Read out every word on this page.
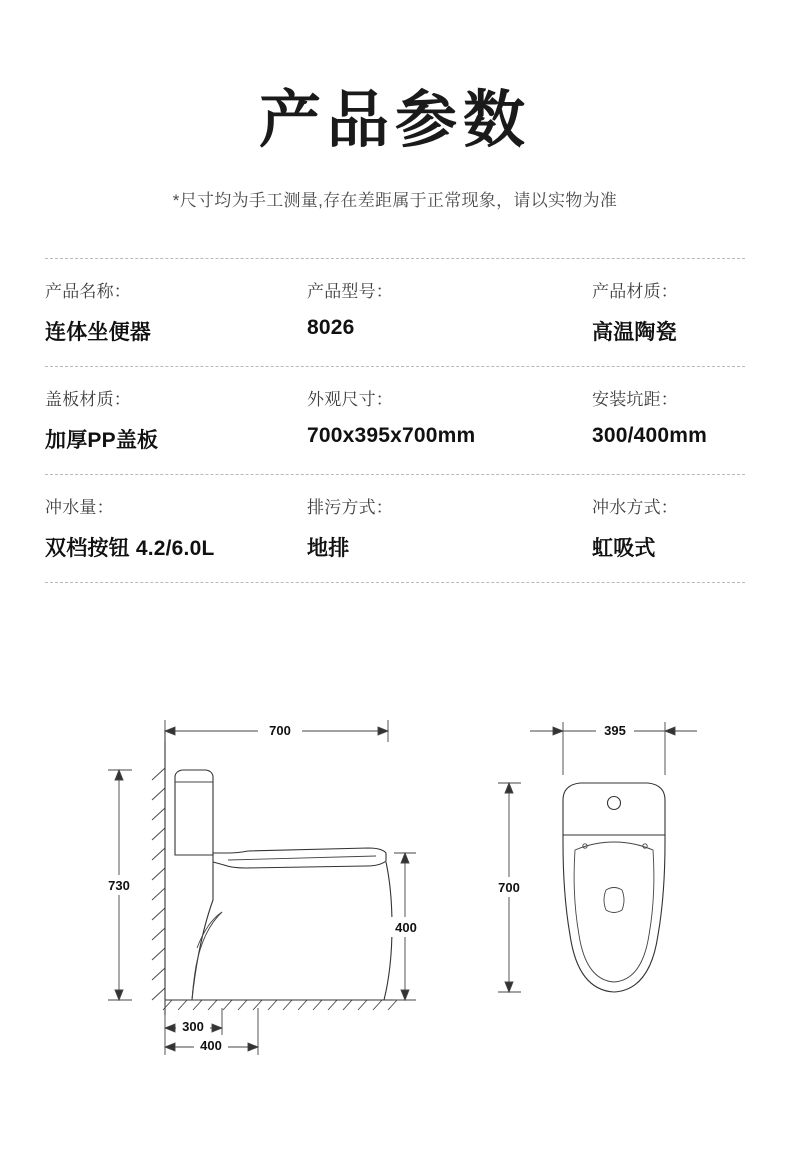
产品参数

*尺寸均为手工测量,存在差距属于正常现象，请以实物为准

产品名称：
连体坐便器
产品型号：
8026
产品材质：
高温陶瓷
盖板材质：
加厚PP盖板
外观尺寸：
700x395x700mm
安装坑距：
300/400mm
冲水量：
双档按钮 4.2/6.0L
排污方式：
地排
冲水方式：
虹吸式
700
730
400
300
400
395
700
